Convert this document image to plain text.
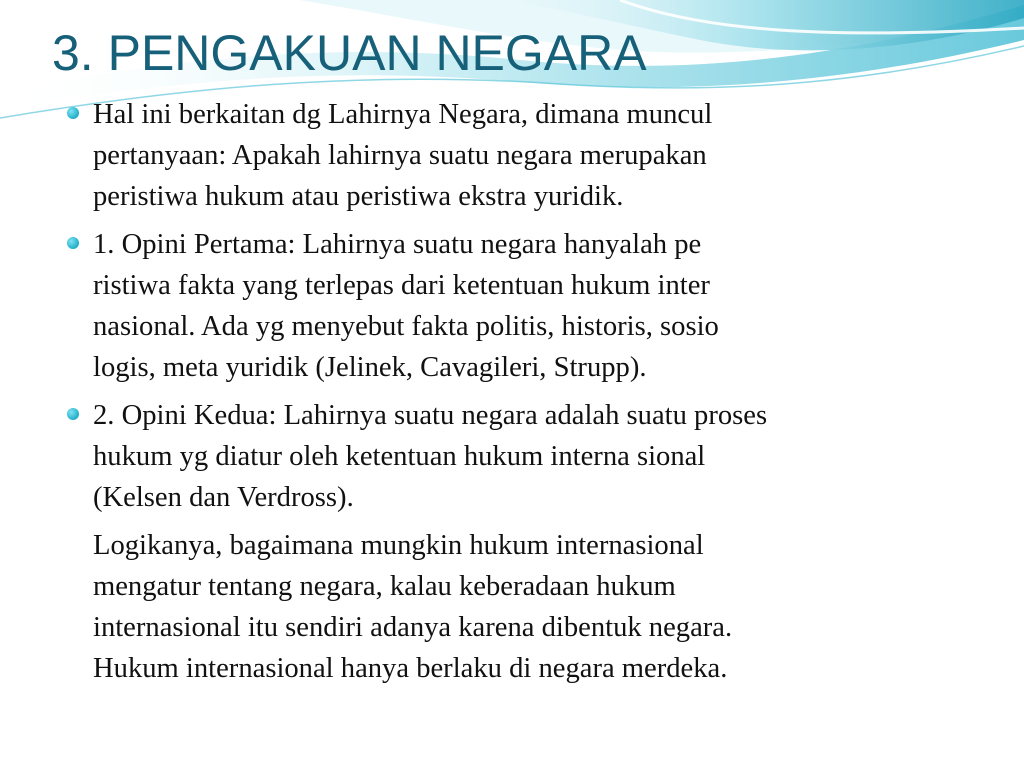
3. PENGAKUAN NEGARA
Hal ini berkaitan dg Lahirnya Negara, dimana muncul
pertanyaan: Apakah lahirnya suatu negara merupakan
peristiwa hukum atau peristiwa ekstra yuridik.
1. Opini Pertama: Lahirnya suatu negara hanyalah pe
ristiwa fakta yang terlepas dari ketentuan hukum inter
nasional. Ada yg menyebut fakta politis, historis, sosio
logis, meta yuridik (Jelinek, Cavagileri, Strupp).
2. Opini Kedua: Lahirnya suatu negara adalah suatu proses
hukum yg diatur oleh ketentuan hukum interna sional
(Kelsen dan Verdross).
Logikanya, bagaimana mungkin hukum internasional
mengatur tentang negara, kalau keberadaan hukum
internasional itu sendiri adanya karena dibentuk negara.
Hukum internasional hanya berlaku di negara merdeka.
